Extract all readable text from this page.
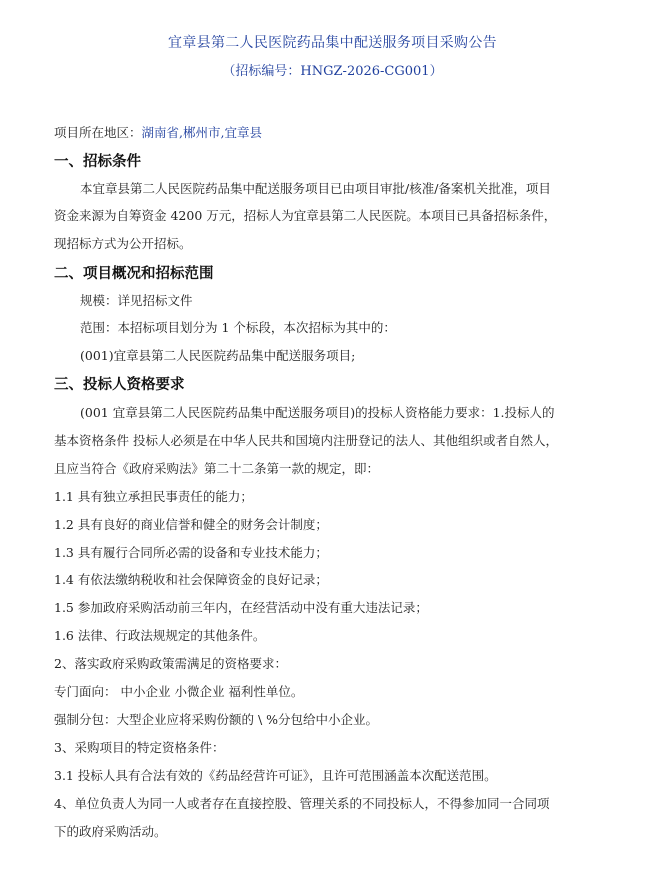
宜章县第二人民医院药品集中配送服务项目采购公告
（招标编号：HNGZ-2026-CG001）
项目所在地区：湖南省,郴州市,宜章县
一、招标条件
本宜章县第二人民医院药品集中配送服务项目已由项目审批/核准/备案机关批准，项目
资金来源为自筹资金 4200 万元，招标人为宜章县第二人民医院。本项目已具备招标条件，
现招标方式为公开招标。
二、项目概况和招标范围
规模：详见招标文件
范围：本招标项目划分为 1 个标段，本次招标为其中的：
(001)宜章县第二人民医院药品集中配送服务项目;
三、投标人资格要求
(001 宜章县第二人民医院药品集中配送服务项目)的投标人资格能力要求：1.投标人的
基本资格条件 投标人必须是在中华人民共和国境内注册登记的法人、其他组织或者自然人，
且应当符合《政府采购法》第二十二条第一款的规定，即：
1.1 具有独立承担民事责任的能力；
1.2 具有良好的商业信誉和健全的财务会计制度；
1.3 具有履行合同所必需的设备和专业技术能力；
1.4 有依法缴纳税收和社会保障资金的良好记录；
1.5 参加政府采购活动前三年内，在经营活动中没有重大违法记录；
1.6 法律、行政法规规定的其他条件。
2、落实政府采购政策需满足的资格要求：
专门面向： 中小企业 小微企业 福利性单位。
强制分包：大型企业应将采购份额的 \ %分包给中小企业。
3、采购项目的特定资格条件：
3.1 投标人具有合法有效的《药品经营许可证》，且许可范围涵盖本次配送范围。
4、单位负责人为同一人或者存在直接控股、管理关系的不同投标人，不得参加同一合同项
下的政府采购活动。
